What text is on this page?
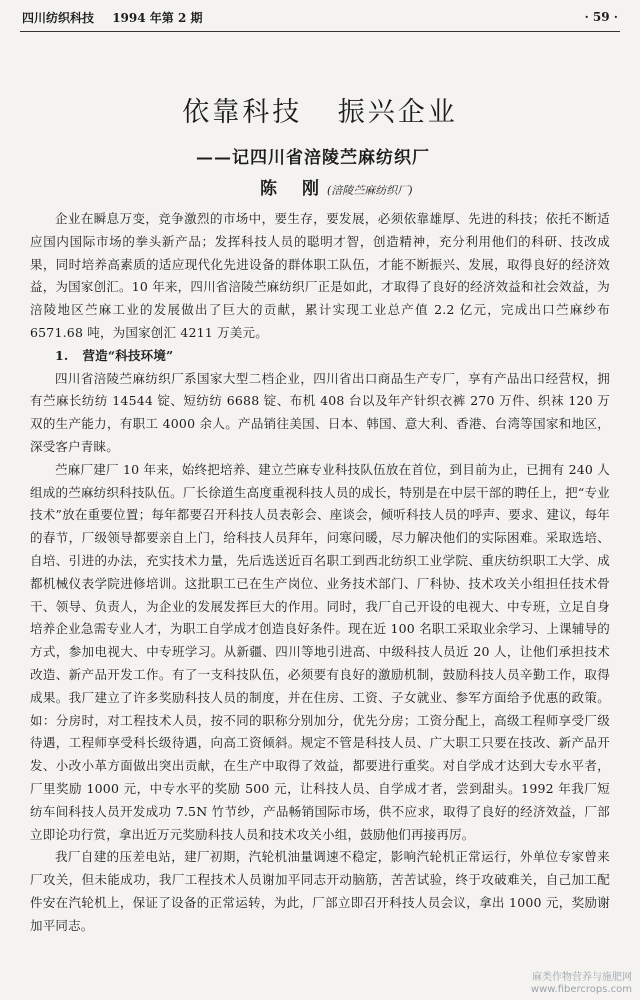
四川纺织科技 1994 年第 2 期	· 59 ·
依靠科技 振兴企业
——记四川省涪陵苎麻纺织厂
陈　刚 (涪陵苎麻纺织厂)

企业在瞬息万变，竞争激烈的市场中，要生存，要发展，必须依靠雄厚、先进的科技；依托不断适应国内国际市场的拳头新产品；发挥科技人员的聪明才智，创造精神，充分利用他们的科研、技改成果，同时培养高素质的适应现代化先进设备的群体职工队伍，才能不断振兴、发展，取得良好的经济效益，为国家创汇。10 年来，四川省涪陵苎麻纺织厂正是如此，才取得了良好的经济效益和社会效益，为涪陵地区苎麻工业的发展做出了巨大的贡献，累计实现工业总产值 2.2 亿元，完成出口苎麻纱布 6571.68 吨，为国家创汇 4211 万美元。

1. 营造“科技环境”

四川省涪陵苎麻纺织厂系国家大型二档企业，四川省出口商品生产专厂，享有产品出口经营权，拥有苎麻长纺纺 14544 锭、短纺纺 6688 锭、布机 408 台以及年产针织衣裤 270 万件、织袜 120 万双的生产能力，有职工 4000 余人。产品销往美国、日本、韩国、意大利、香港、台湾等国家和地区，深受客户青睐。

苎麻厂建厂 10 年来，始终把培养、建立苎麻专业科技队伍放在首位，到目前为止，已拥有 240 人组成的苎麻纺织科技队伍。厂长徐道生高度重视科技人员的成长，特别是在中层干部的聘任上，把“专业技术”放在重要位置；每年都要召开科技人员表彰会、座谈会，倾听科技人员的呼声、要求、建议，每年的春节，厂级领导都要亲自上门，给科技人员拜年，问寒问暖，尽力解决他们的实际困难。采取选培、自培、引进的办法，充实技术力量，先后选送近百名职工到西北纺织工业学院、重庆纺织职工大学、成都机械仪表学院进修培训。这批职工已在生产岗位、业务技术部门、厂科协、技术攻关小组担任技术骨干、领导、负责人，为企业的发展发挥巨大的作用。同时，我厂自己开设的电视大、中专班，立足自身培养企业急需专业人才，为职工自学成才创造良好条件。现在近 100 名职工采取业余学习、上课辅导的方式，参加电视大、中专班学习。从新疆、四川等地引进高、中级科技人员近 20 人，让他们承担技术改造、新产品开发工作。有了一支科技队伍，必须要有良好的激励机制，鼓励科技人员辛勤工作，取得成果。我厂建立了许多奖励科技人员的制度，并在住房、工资、子女就业、参军方面给予优惠的政策。如：分房时，对工程技术人员，按不同的职称分别加分，优先分房；工资分配上，高级工程师享受厂级待遇，工程师享受科长级待遇，向高工资倾斜。规定不管是科技人员、广大职工只要在技改、新产品开发、小改小革方面做出突出贡献，在生产中取得了效益，都要进行重奖。对自学成才达到大专水平者，厂里奖励 1000 元，中专水平的奖励 500 元，让科技人员、自学成才者，尝到甜头。1992 年我厂短纺车间科技人员开发成功 7.5N 竹节纱，产品畅销国际市场，供不应求，取得了良好的经济效益，厂部立即论功行赏，拿出近万元奖励科技人员和技术攻关小组，鼓励他们再接再厉。

我厂自建的压差电站，建厂初期，汽轮机油量调速不稳定，影响汽轮机正常运行，外单位专家曾来厂攻关，但未能成功，我厂工程技术人员谢加平同志开动脑筋，苦苦试验，终于攻破难关，自己加工配件安在汽轮机上，保证了设备的正常运转，为此，厂部立即召开科技人员会议，拿出 1000 元，奖励谢加平同志。

麻类作物营养与施肥网
www.fibercrops.com
